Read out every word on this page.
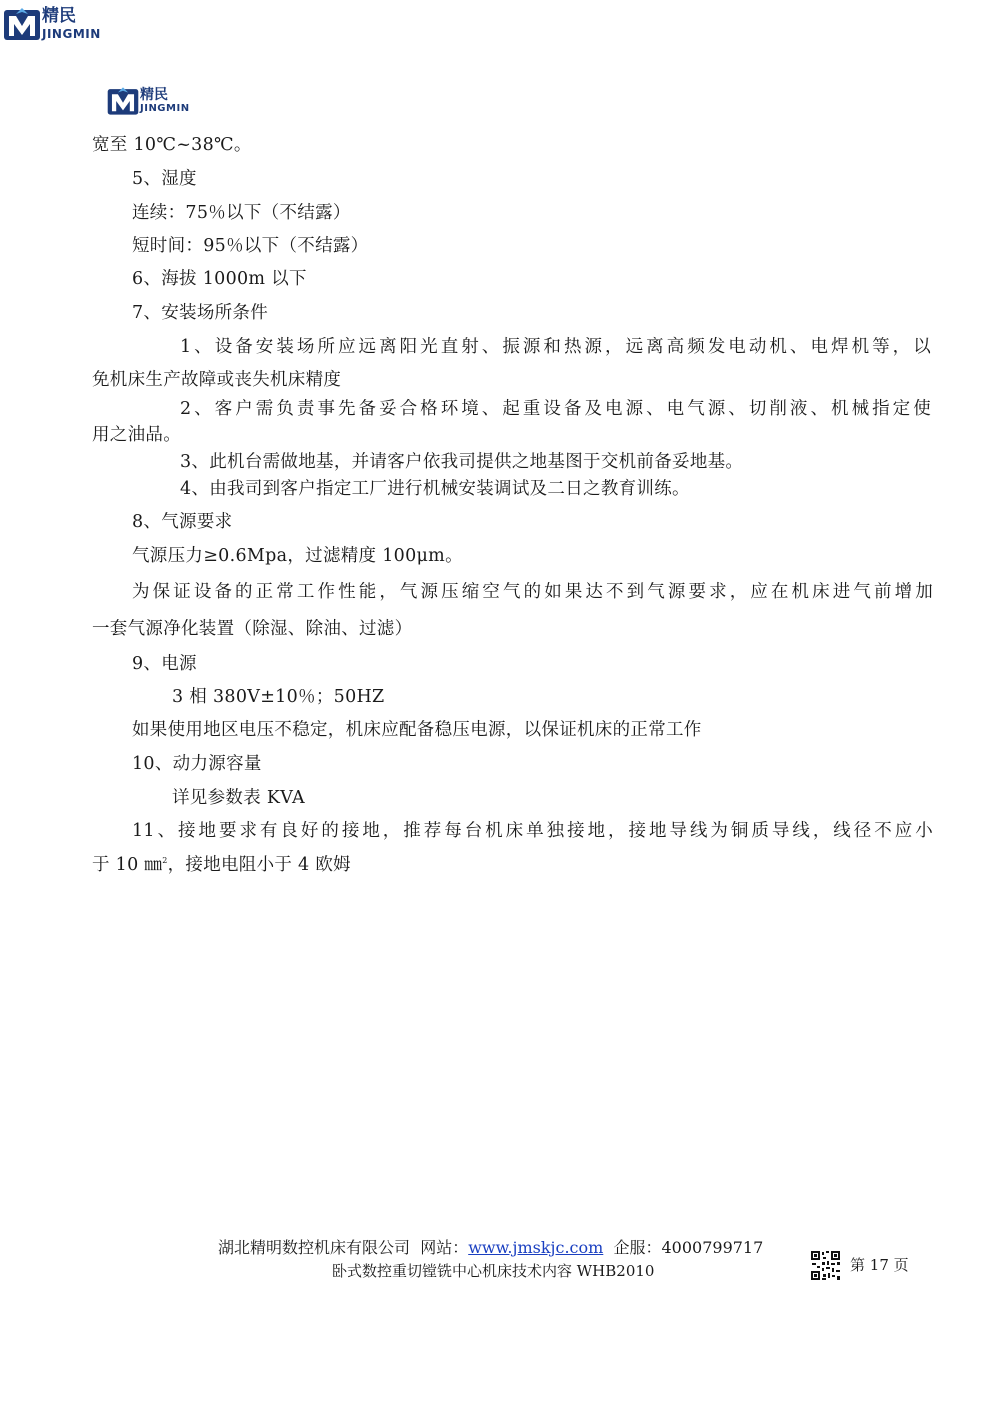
精民
JINGMIN
精民
JINGMIN
宽至 10℃~38℃。
5、湿度
连续：75％以下（不结露）
短时间：95％以下（不结露）
6、海拔 1000m 以下
7、安装场所条件
1、设备安装场所应远离阳光直射、振源和热源，远离高频发电动机、电焊机等，以
免机床生产故障或丧失机床精度
2、客户需负责事先备妥合格环境、起重设备及电源、电气源、切削液、机械指定使
用之油品。
3、此机台需做地基，并请客户依我司提供之地基图于交机前备妥地基。
4、由我司到客户指定工厂进行机械安装调试及二日之教育训练。
8、气源要求
气源压力≥0.6Mpa，过滤精度 100μm。
为保证设备的正常工作性能，气源压缩空气的如果达不到气源要求，应在机床进气前增加
一套气源净化装置（除湿、除油、过滤）
9、电源
3 相 380V±10％；50HZ
如果使用地区电压不稳定，机床应配备稳压电源，以保证机床的正常工作
10、动力源容量
详见参数表 KVA
11、接地要求有良好的接地，推荐每台机床单独接地，接地导线为铜质导线，线径不应小
于 10 ㎜$^2$，接地电阻小于 4 欧姆
湖北精明数控机床有限公司 网站：www.jmskjc.com 企服：4000799717
卧式数控重切镗铣中心机床技术内容 WHB2010	第 17 页
